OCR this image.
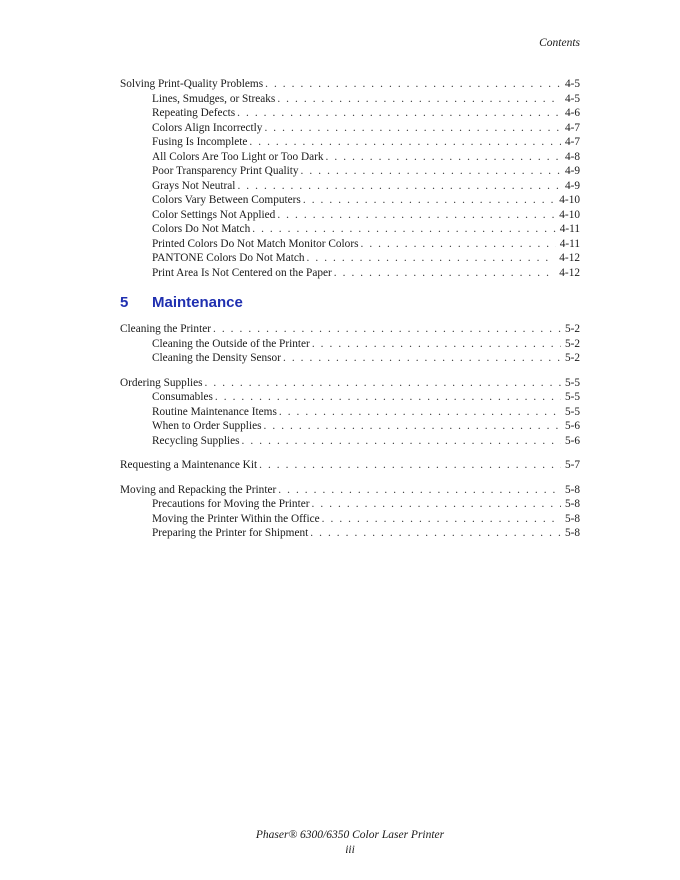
Contents
Solving Print-Quality Problems . . .	4-5
Lines, Smudges, or Streaks . . .	4-5
Repeating Defects . . .	4-6
Colors Align Incorrectly . . .	4-7
Fusing Is Incomplete . . .	4-7
All Colors Are Too Light or Too Dark . . .	4-8
Poor Transparency Print Quality . . .	4-9
Grays Not Neutral . . .	4-9
Colors Vary Between Computers . . .	4-10
Color Settings Not Applied . . .	4-10
Colors Do Not Match . . .	4-11
Printed Colors Do Not Match Monitor Colors . . .	4-11
PANTONE Colors Do Not Match . . .	4-12
Print Area Is Not Centered on the Paper . . .	4-12
5	Maintenance
Cleaning the Printer . . .	5-2
Cleaning the Outside of the Printer . . .	5-2
Cleaning the Density Sensor . . .	5-2
Ordering Supplies . . .	5-5
Consumables . . .	5-5
Routine Maintenance Items . . .	5-5
When to Order Supplies . . .	5-6
Recycling Supplies . . .	5-6
Requesting a Maintenance Kit . . .	5-7
Moving and Repacking the Printer . . .	5-8
Precautions for Moving the Printer . . .	5-8
Moving the Printer Within the Office . . .	5-8
Preparing the Printer for Shipment . . .	5-8
Phaser® 6300/6350 Color Laser Printer
iii
